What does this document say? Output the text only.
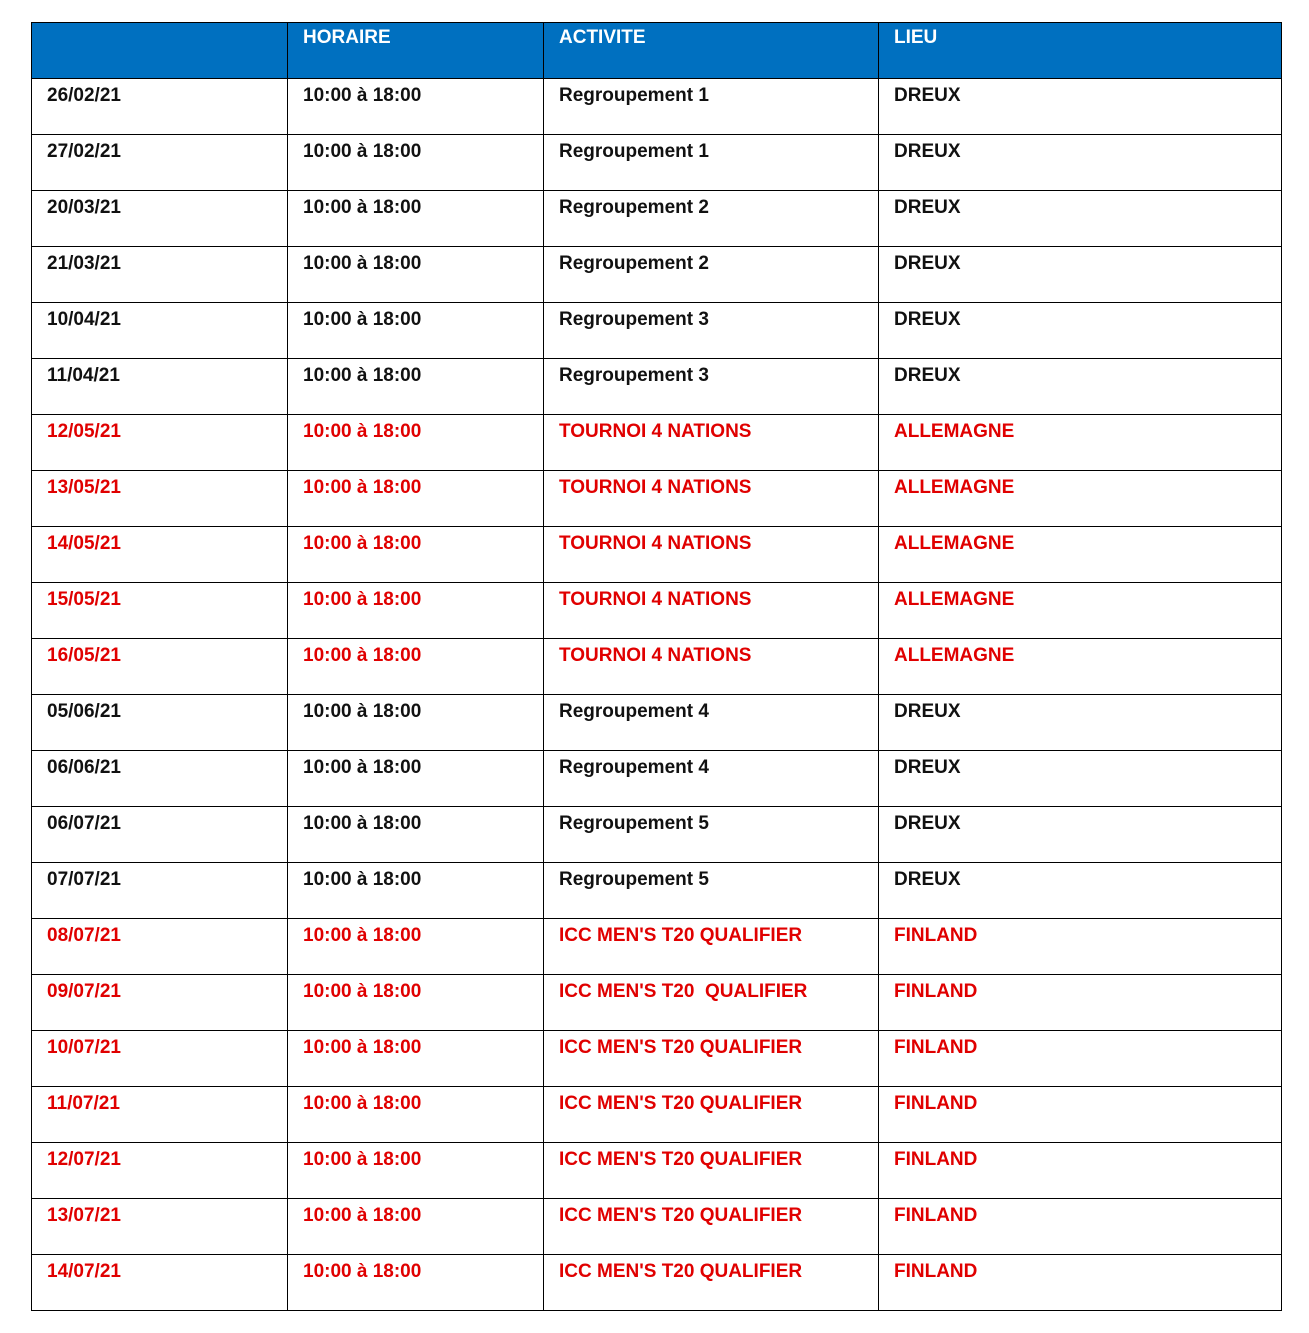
	HORAIRE	ACTIVITE	LIEU
26/02/21	10:00 à 18:00	Regroupement 1	DREUX
27/02/21	10:00 à 18:00	Regroupement 1	DREUX
20/03/21	10:00 à 18:00	Regroupement 2	DREUX
21/03/21	10:00 à 18:00	Regroupement 2	DREUX
10/04/21	10:00 à 18:00	Regroupement 3	DREUX
11/04/21	10:00 à 18:00	Regroupement 3	DREUX
12/05/21	10:00 à 18:00	TOURNOI 4 NATIONS	ALLEMAGNE
13/05/21	10:00 à 18:00	TOURNOI 4 NATIONS	ALLEMAGNE
14/05/21	10:00 à 18:00	TOURNOI 4 NATIONS	ALLEMAGNE
15/05/21	10:00 à 18:00	TOURNOI 4 NATIONS	ALLEMAGNE
16/05/21	10:00 à 18:00	TOURNOI 4 NATIONS	ALLEMAGNE
05/06/21	10:00 à 18:00	Regroupement 4	DREUX
06/06/21	10:00 à 18:00	Regroupement 4	DREUX
06/07/21	10:00 à 18:00	Regroupement 5	DREUX
07/07/21	10:00 à 18:00	Regroupement 5	DREUX
08/07/21	10:00 à 18:00	ICC MEN'S T20 QUALIFIER	FINLAND
09/07/21	10:00 à 18:00	ICC MEN'S T20  QUALIFIER	FINLAND
10/07/21	10:00 à 18:00	ICC MEN'S T20 QUALIFIER	FINLAND
11/07/21	10:00 à 18:00	ICC MEN'S T20 QUALIFIER	FINLAND
12/07/21	10:00 à 18:00	ICC MEN'S T20 QUALIFIER	FINLAND
13/07/21	10:00 à 18:00	ICC MEN'S T20 QUALIFIER	FINLAND
14/07/21	10:00 à 18:00	ICC MEN'S T20 QUALIFIER	FINLAND
